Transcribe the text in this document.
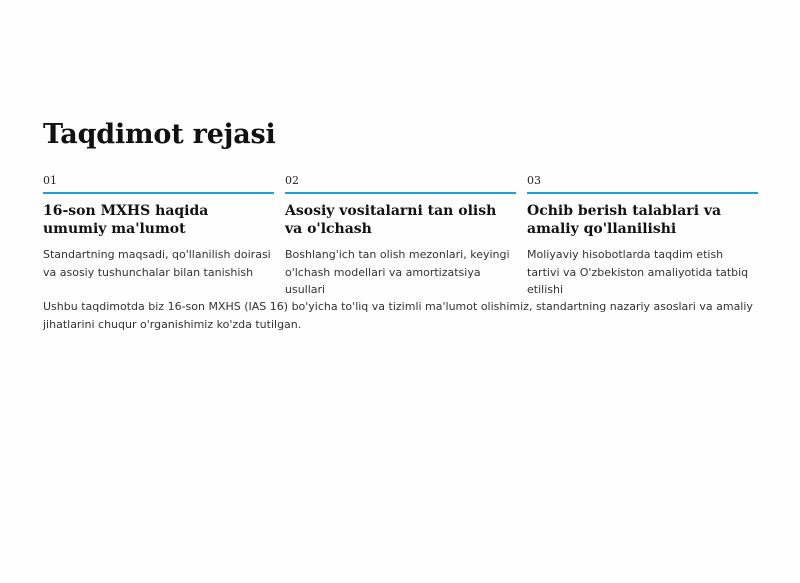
Taqdimot rejasi
01
16-son MXHS haqida umumiy ma'lumot

Standartning maqsadi, qo'llanilish doirasi va asosiy tushunchalar bilan tanishish

02
Asosiy vositalarni tan olish va o'lchash

Boshlang'ich tan olish mezonlari, keyingi o'lchash modellari va amortizatsiya usullari

03
Ochib berish talablari va amaliy qo'llanilishi

Moliyaviy hisobotlarda taqdim etish tartivi va O'zbekiston amaliyotida tatbiq etilishi

Ushbu taqdimotda biz 16-son MXHS (IAS 16) bo'yicha to'liq va tizimli ma'lumot olishimiz, standartning nazariy asoslari va amaliy jihatlarini chuqur o'rganishimiz ko'zda tutilgan.
